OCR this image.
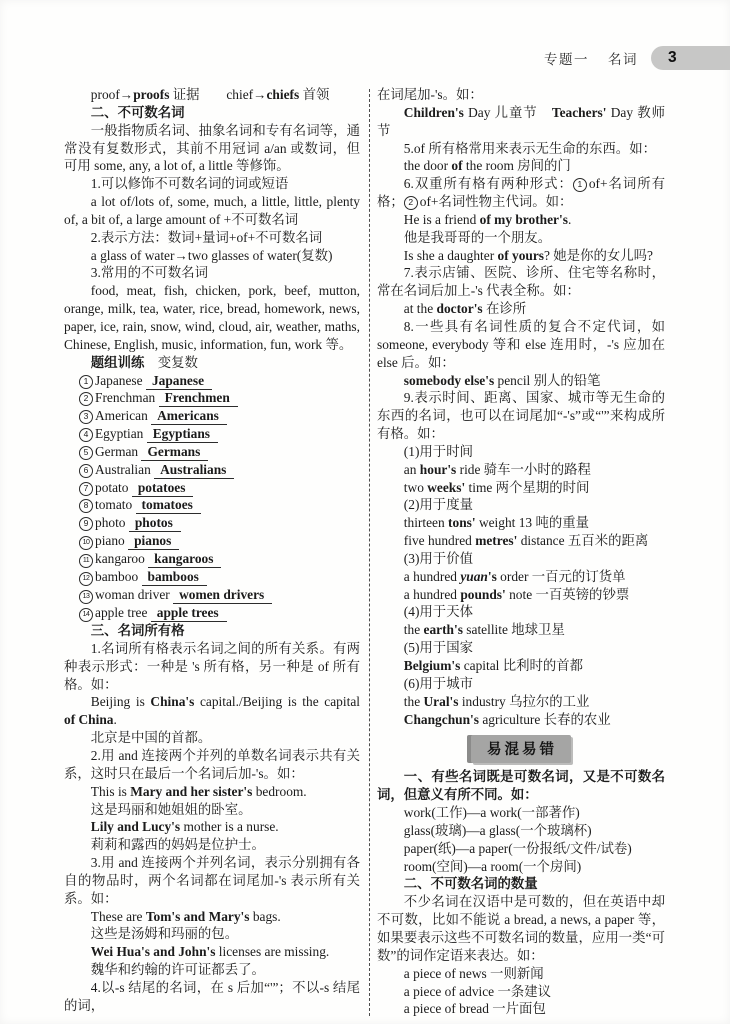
专题一 名词 3

proof→proofs 证据　　chief→chiefs 首领

二、不可数名词

一般指物质名词、抽象名词和专有名词等，通常没有复数形式，其前不用冠词 a/an 或数词，但可用 some, any, a lot of, a little 等修饰。

1.可以修饰不可数名词的词或短语

a lot of/lots of, some, much, a little, little, plenty of, a bit of, a large amount of +不可数名词

2.表示方法：数词+量词+of+不可数名词

a glass of water→two glasses of water(复数)

3.常用的不可数名词

food, meat, fish, chicken, pork, beef, mutton, orange, milk, tea, water, rice, bread, homework, news, paper, ice, rain, snow, wind, cloud, air, weather, maths, Chinese, English, music, information, fun, work 等。

题组训练　变复数

1 Japanese Japanese

2 Frenchman Frenchmen

3 American Americans

4 Egyptian Egyptians

5 German Germans

6 Australian Australians

7 potato potatoes

8 tomato tomatoes

9 photo photos

10 piano pianos

11 kangaroo kangaroos

12 bamboo bamboos

13 woman driver women drivers

14 apple tree apple trees

三、名词所有格

1.名词所有格表示名词之间的所有关系。有两种表示形式：一种是 's 所有格，另一种是 of 所有格。如：

Beijing is China's capital./Beijing is the capital of China.

北京是中国的首都。

2.用 and 连接两个并列的单数名词表示共有关系，这时只在最后一个名词后加-'s。如：

This is Mary and her sister's bedroom.

这是玛丽和她姐姐的卧室。

Lily and Lucy's mother is a nurse.

莉莉和露西的妈妈是位护士。

3.用 and 连接两个并列名词，表示分别拥有各自的物品时，两个名词都在词尾加-'s 表示所有关系。如：

These are Tom's and Mary's bags.

这些是汤姆和玛丽的包。

Wei Hua's and John's licenses are missing.

魏华和约翰的许可证都丢了。

4.以-s 结尾的名词，在 s 后加“'”；不以-s 结尾的词，

在词尾加-'s。如：

Children's Day 儿童节　Teachers' Day 教师节

5.of 所有格常用来表示无生命的东西。如：

the door of the room 房间的门

6.双重所有格有两种形式： 1 of+名词所有格； 2 of+名词性物主代词。如：

He is a friend of my brother's.

他是我哥哥的一个朋友。

Is she a daughter of yours? 她是你的女儿吗?

7.表示店铺、医院、诊所、住宅等名称时，常在名词后加上-'s 代表全称。如：

at the doctor's 在诊所

8.一些具有名词性质的复合不定代词，如 someone, everybody 等和 else 连用时，-'s 应加在 else 后。如：

somebody else's pencil 别人的铅笔

9.表示时间、距离、国家、城市等无生命的东西的名词，也可以在词尾加“-'s”或“'”来构成所有格。如：

(1)用于时间

an hour's ride 骑车一小时的路程

two weeks' time 两个星期的时间

(2)用于度量

thirteen tons' weight 13 吨的重量

five hundred metres' distance 五百米的距离

(3)用于价值

a hundred yuan's order 一百元的订货单

a hundred pounds' note 一百英镑的钞票

(4)用于天体

the earth's satellite 地球卫星

(5)用于国家

Belgium's capital 比利时的首都

(6)用于城市

the Ural's industry 乌拉尔的工业

Changchun's agriculture 长春的农业

易混易错

一、有些名词既是可数名词，又是不可数名词，但意义有所不同。如：

work(工作)—a work(一部著作)

glass(玻璃)—a glass(一个玻璃杯)

paper(纸)—a paper(一份报纸/文件/试卷)

room(空间)—a room(一个房间)

二、不可数名词的数量

不少名词在汉语中是可数的，但在英语中却不可数，比如不能说 a bread, a news, a paper 等，如果要表示这些不可数名词的数量，应用一类“可数”的词作定语来表达。如：

a piece of news 一则新闻

a piece of advice 一条建议

a piece of bread 一片面包
